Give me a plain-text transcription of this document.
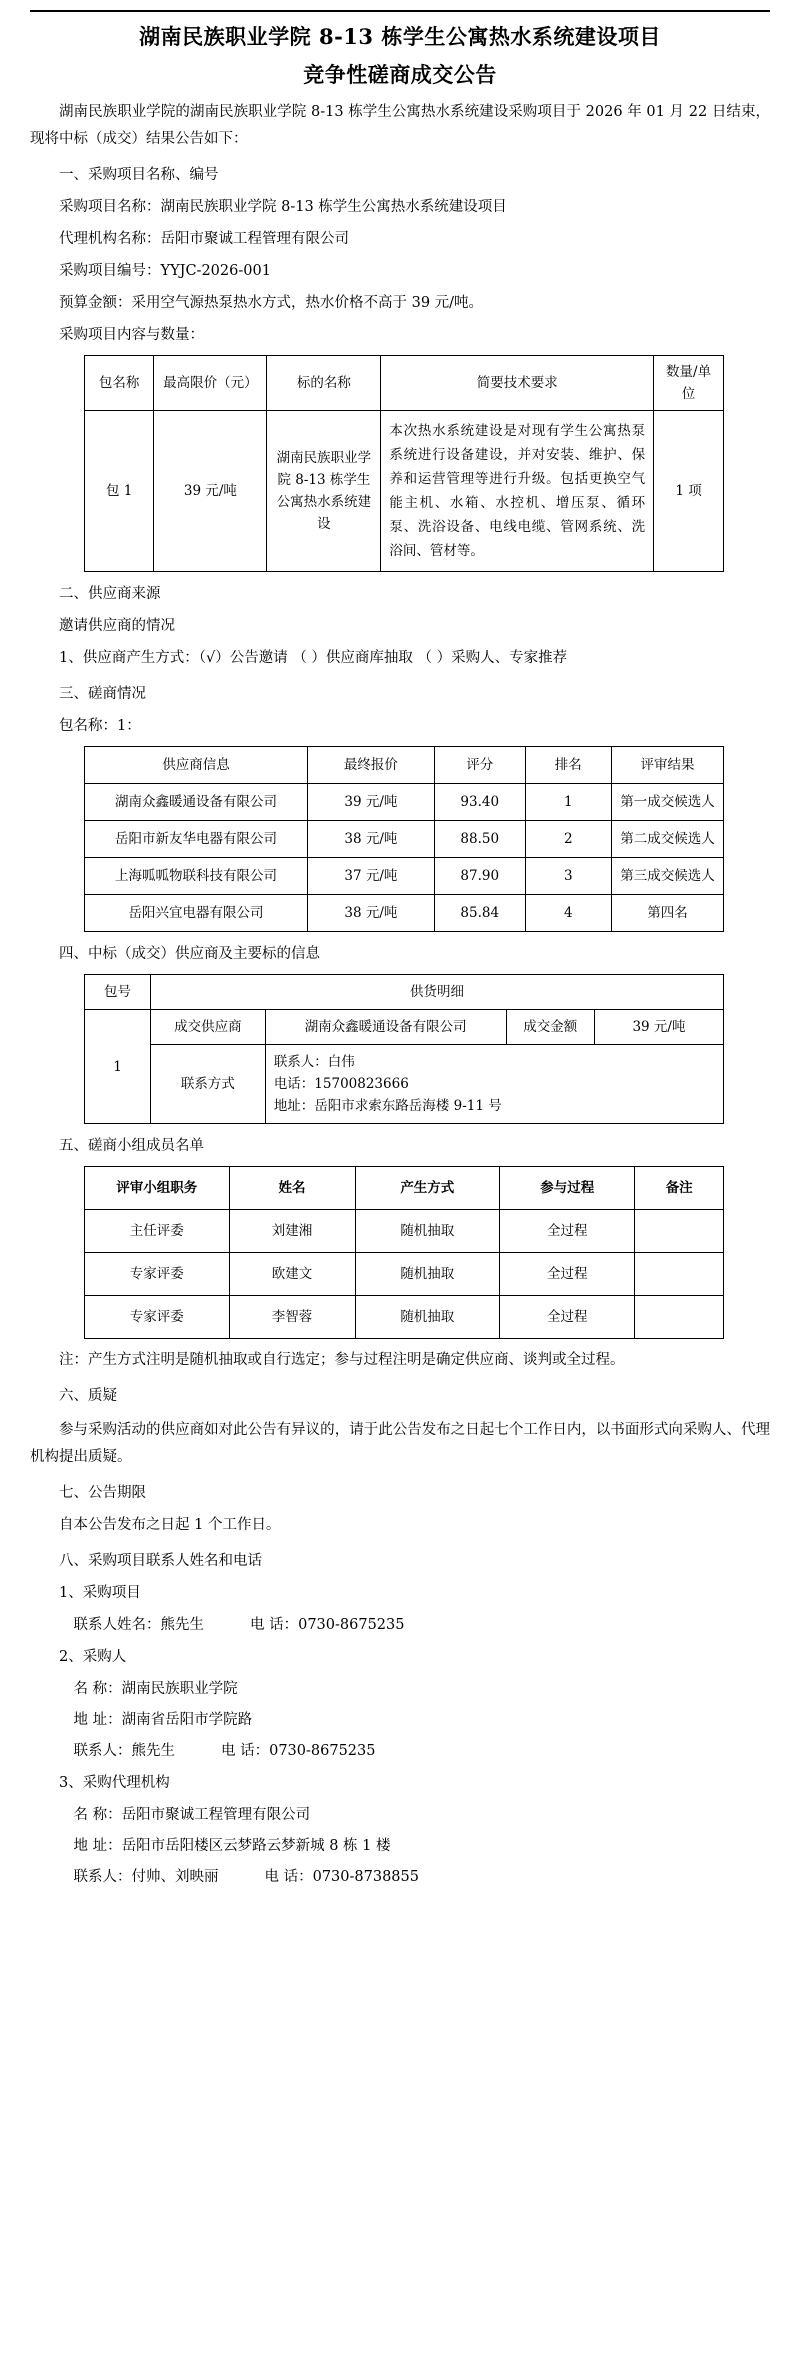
湖南民族职业学院 8-13 栋学生公寓热水系统建设项目
竞争性磋商成交公告
湖南民族职业学院的湖南民族职业学院 8-13 栋学生公寓热水系统建设采购项目于 2026 年 01 月 22 日结束，现将中标（成交）结果公告如下：
一、采购项目名称、编号
采购项目名称：湖南民族职业学院 8-13 栋学生公寓热水系统建设项目
代理机构名称：岳阳市聚诚工程管理有限公司
采购项目编号：YYJC-2026-001
预算金额：采用空气源热泵热水方式，热水价格不高于 39 元/吨。
采购项目内容与数量：
包名称	最高限价（元）	标的名称	简要技术要求	数量/单位
包 1	39 元/吨	湖南民族职业学院 8-13 栋学生公寓热水系统建设	本次热水系统建设是对现有学生公寓热泵系统进行设备建设，并对安装、维护、保养和运营管理等进行升级。包括更换空气能主机、水箱、水控机、增压泵、循环泵、洗浴设备、电线电缆、管网系统、洗浴间、管材等。	1 项
二、供应商来源
邀请供应商的情况
1、供应商产生方式：（√）公告邀请 （ ）供应商库抽取 （ ）采购人、专家推荐
三、磋商情况
包名称：1：
供应商信息	最终报价	评分	排名	评审结果
湖南众鑫暖通设备有限公司	39 元/吨	93.40	1	第一成交候选人
岳阳市新友华电器有限公司	38 元/吨	88.50	2	第二成交候选人
上海呱呱物联科技有限公司	37 元/吨	87.90	3	第三成交候选人
岳阳兴宜电器有限公司	38 元/吨	85.84	4	第四名
四、中标（成交）供应商及主要标的信息
包号	供货明细			
1	成交供应商	湖南众鑫暖通设备有限公司	成交金额	39 元/吨
	联系方式	联系人：白伟
电话：15700823666
地址：岳阳市求索东路岳海楼 9-11 号		
五、磋商小组成员名单
评审小组职务	姓名	产生方式	参与过程	备注
主任评委	刘建湘	随机抽取	全过程	
专家评委	欧建文	随机抽取	全过程	
专家评委	李智蓉	随机抽取	全过程	
注：产生方式注明是随机抽取或自行选定；参与过程注明是确定供应商、谈判或全过程。
六、质疑
参与采购活动的供应商如对此公告有异议的，请于此公告发布之日起七个工作日内，以书面形式向采购人、代理机构提出质疑。
七、公告期限
自本公告发布之日起 1 个工作日。
八、采购项目联系人姓名和电话
1、采购项目
联系人姓名：熊先生	电 话：0730-8675235
2、采购人
名 称：湖南民族职业学院
地 址：湖南省岳阳市学院路
联系人：熊先生	电 话：0730-8675235
3、采购代理机构
名 称：岳阳市聚诚工程管理有限公司
地 址：岳阳市岳阳楼区云梦路云梦新城 8 栋 1 楼
联系人：付帅、刘映丽	电 话：0730-8738855
